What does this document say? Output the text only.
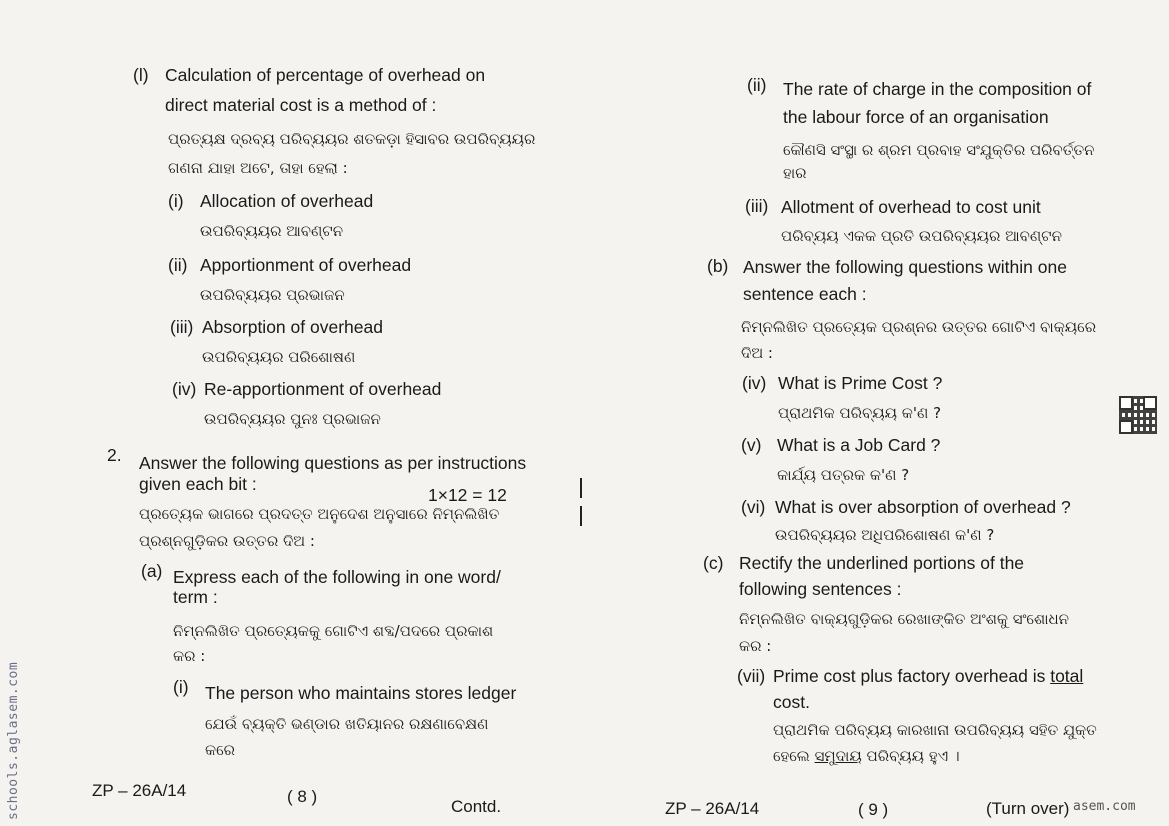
(l) Calculation of percentage of overhead on
direct material cost is a method of :
ପ୍ରତ୍ୟକ୍ଷ ଦ୍ରବ୍ୟ ପରିବ୍ୟୟର ଶତକଡ଼ା ହିସାବର ଉପରିବ୍ୟୟର
ଗଣନା ଯାହା ଅଟେ, ତାହା ହେଲା :
(i) Allocation of overhead
ଉପରିବ୍ୟୟର ଆବଣ୍ଟନ
(ii) Apportionment of overhead
ଉପରିବ୍ୟୟର ପ୍ରଭାଜନ
(iii) Absorption of overhead
ଉପରିବ୍ୟୟର ପରିଶୋଷଣ
(iv) Re-apportionment of overhead
ଉପରିବ୍ୟୟର ପୁନଃ ପ୍ରଭାଜନ
2. Answer the following questions as per instructions
given each bit :
1×12 = 12
ପ୍ରତ୍ୟେକ ଭାଗରେ ପ୍ରଦତ୍ତ ଅନୁଦେଶ ଅନୁସାରେ ନିମ୍ନଲିଖିତ
ପ୍ରଶ୍ନଗୁଡ଼ିକର ଉତ୍ତର ଦିଅ :
(a) Express each of the following in one word/
term :
ନିମ୍ନଲିଖିତ ପ୍ରତ୍ୟେକକୁ ଗୋଟିଏ ଶବ୍ଦ/ପଦରେ ପ୍ରକାଶ
କର :
(i) The person who maintains stores ledger
ଯେଉଁ ବ୍ୟକ୍ତି ଭଣ୍ଡାର ଖତିୟାନର ରକ୍ଷଣାବେକ୍ଷଣ
କରେ
ZP – 26A/14	( 8 )
Contd.
(ii) The rate of charge in the composition of
the labour force of an organisation
କୌଣସି ସଂସ୍ଥା ର ଶ୍ରମ ପ୍ରବାହ ସଂଯୁକ୍ତିର ପରିବର୍ତ୍ତନ
ହାର
(iii) Allotment of overhead to cost unit
ପରିବ୍ୟୟ ଏକକ ପ୍ରତି ଉପରିବ୍ୟୟର ଆବଣ୍ଟନ
(b) Answer the following questions within one
sentence each :
ନିମ୍ନଲିଖିତ ପ୍ରତ୍ୟେକ ପ୍ରଶ୍ନର ଉତ୍ତର ଗୋଟିଏ ବାକ୍ୟରେ
ଦିଅ :
(iv) What is Prime Cost ?
ପ୍ରାଥମିକ ପରିବ୍ୟୟ କ'ଣ ?
(v) What is a Job Card ?
କାର୍ଯ୍ୟ ପତ୍ରକ କ'ଣ ?
(vi) What is over absorption of overhead ?
ଉପରିବ୍ୟୟର ଅଧିପରିଶୋଷଣ କ'ଣ ?
(c) Rectify the underlined portions of the
following sentences :
ନିମ୍ନଲିଖିତ ବାକ୍ୟଗୁଡ଼ିକର ରେଖାଙ୍କିତ ଅଂଶକୁ ସଂଶୋଧନ
କର :
(vii) Prime cost plus factory overhead is total
cost.
ପ୍ରାଥମିକ ପରିବ୍ୟୟ କାରଖାନା ଉପରିବ୍ୟୟ ସହିତ ଯୁକ୍ତ
ହେଲେ ସମୁଦାୟ ପରିବ୍ୟୟ ହୁଏ ।
ZP – 26A/14	( 9 )	(Turn over)
schools.aglasem.com	asem.com
